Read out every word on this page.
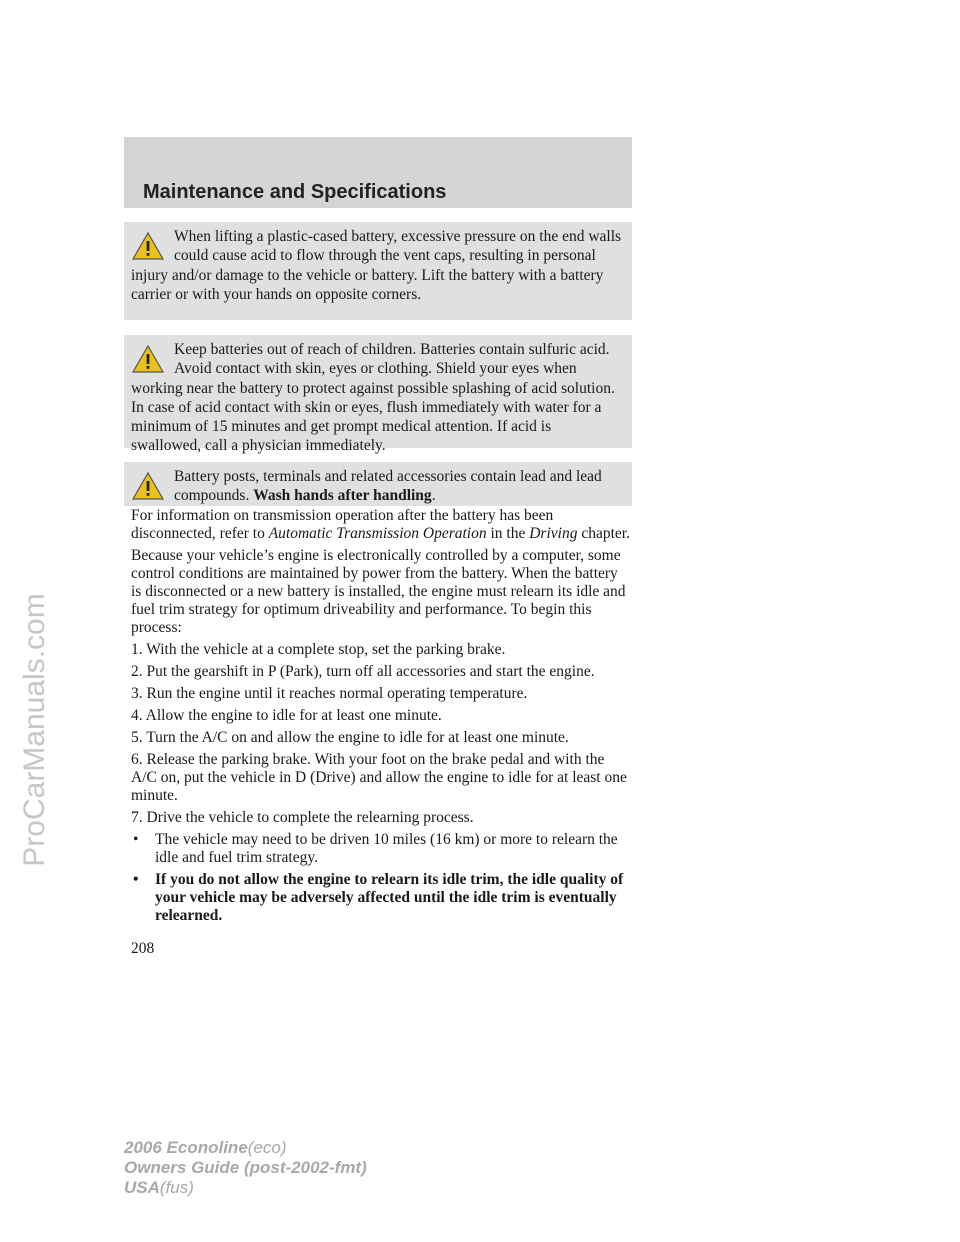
ProCarManuals.com
Maintenance and Specifications

When lifting a plastic-cased battery, excessive pressure on the end walls could cause acid to flow through the vent caps, resulting in personal injury and/or damage to the vehicle or battery. Lift the battery with a battery carrier or with your hands on opposite corners.

Keep batteries out of reach of children. Batteries contain sulfuric acid. Avoid contact with skin, eyes or clothing. Shield your eyes when working near the battery to protect against possible splashing of acid solution. In case of acid contact with skin or eyes, flush immediately with water for a minimum of 15 minutes and get prompt medical attention. If acid is swallowed, call a physician immediately.

Battery posts, terminals and related accessories contain lead and lead compounds. Wash hands after handling.

For information on transmission operation after the battery has been disconnected, refer to Automatic Transmission Operation in the Driving chapter.

Because your vehicle’s engine is electronically controlled by a computer, some control conditions are maintained by power from the battery. When the battery is disconnected or a new battery is installed, the engine must relearn its idle and fuel trim strategy for optimum driveability and performance. To begin this process:

1. With the vehicle at a complete stop, set the parking brake.

2. Put the gearshift in P (Park), turn off all accessories and start the engine.

3. Run the engine until it reaches normal operating temperature.

4. Allow the engine to idle for at least one minute.

5. Turn the A/C on and allow the engine to idle for at least one minute.

6. Release the parking brake. With your foot on the brake pedal and with the A/C on, put the vehicle in D (Drive) and allow the engine to idle for at least one minute.

7. Drive the vehicle to complete the relearning process.

• The vehicle may need to be driven 10 miles (16 km) or more to relearn the idle and fuel trim strategy.

• If you do not allow the engine to relearn its idle trim, the idle quality of your vehicle may be adversely affected until the idle trim is eventually relearned.

208
2006 Econoline(eco)
Owners Guide (post-2002-fmt)
USA(fus)
